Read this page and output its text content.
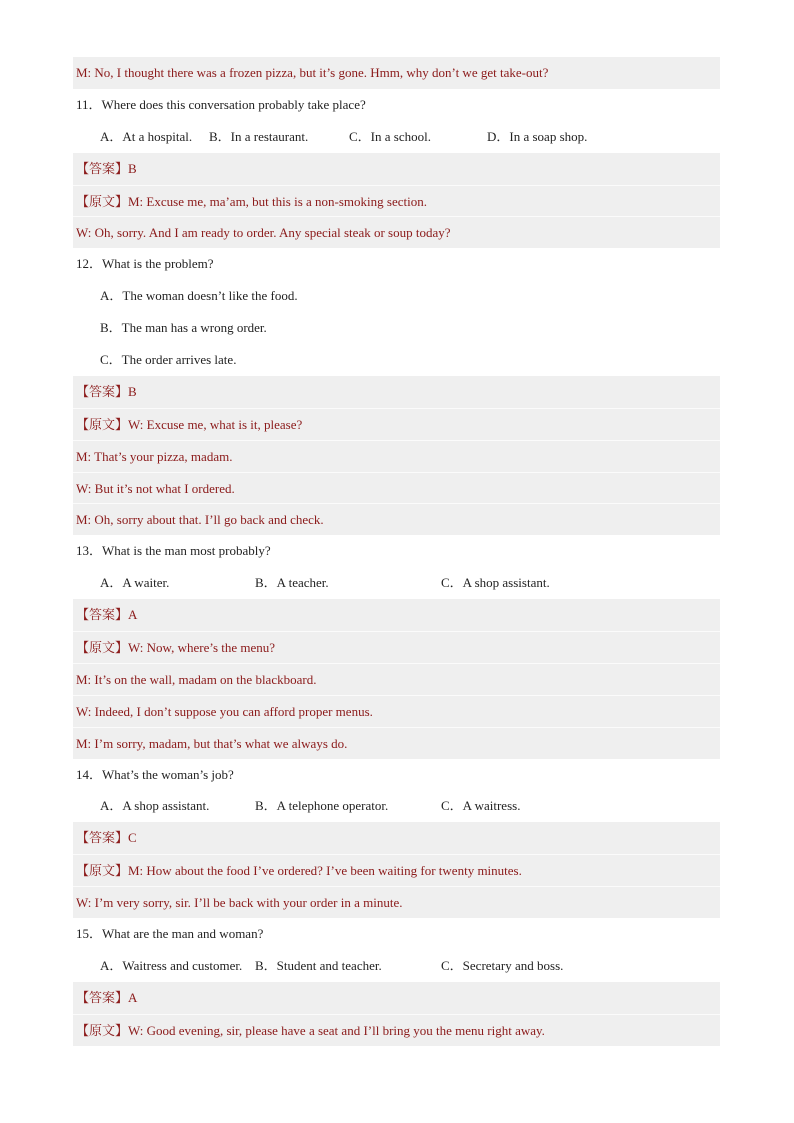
M: No, I thought there was a frozen pizza, but it’s gone. Hmm, why don’t we get take-out?
11．Where does this conversation probably take place?
A．At a hospital. B．In a restaurant.	C．In a school.	D．In a soap shop.
【答案】B
【原文】M: Excuse me, ma’am, but this is a non-smoking section.
W: Oh, sorry. And I am ready to order. Any special steak or soup today?
12．What is the problem?
A．The woman doesn’t like the food.
B．The man has a wrong order.
C．The order arrives late.
【答案】B
【原文】W: Excuse me, what is it, please?
M: That’s your pizza, madam.
W: But it’s not what I ordered.
M: Oh, sorry about that. I’ll go back and check.
13．What is the man most probably?
A．A waiter.	B．A teacher.	C．A shop assistant.
【答案】A
【原文】W: Now, where’s the menu?
M: It’s on the wall, madam on the blackboard.
W: Indeed, I don’t suppose you can afford proper menus.
M: I’m sorry, madam, but that’s what we always do.
14．What’s the woman’s job?
A．A shop assistant.	B．A telephone operator.	C．A waitress.
【答案】C
【原文】M: How about the food I’ve ordered? I’ve been waiting for twenty minutes.
W: I’m very sorry, sir. I’ll be back with your order in a minute.
15．What are the man and woman?
A．Waitress and customer. B．Student and teacher.	C．Secretary and boss.
【答案】A
【原文】W: Good evening, sir, please have a seat and I’ll bring you the menu right away.
